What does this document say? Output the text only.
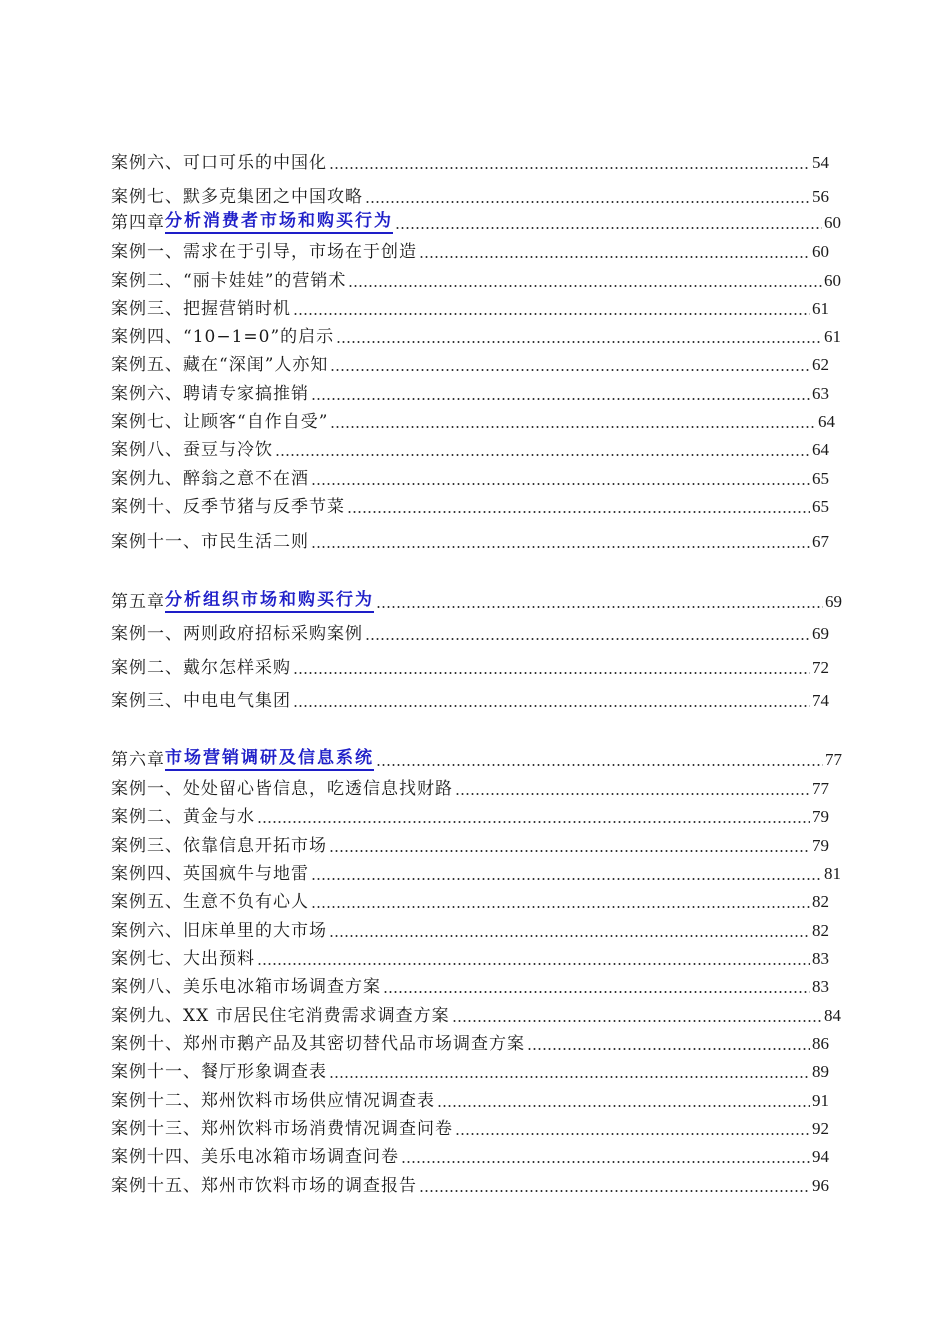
案例六、可口可乐的中国化	54
案例七、默多克集团之中国攻略	56
第四章 分析消费者市场和购买行为	60
案例一、需求在于引导，市场在于创造	60
案例二、“丽卡娃娃”的营销术	60
案例三、把握营销时机	61
案例四、“10−1=0”的启示	61
案例五、藏在“深闺”人亦知	62
案例六、聘请专家搞推销	63
案例七、让顾客“自作自受”	64
案例八、蚕豆与冷饮	64
案例九、醉翁之意不在酒	65
案例十、反季节猪与反季节菜	65
案例十一、市民生活二则	67
第五章 分析组织市场和购买行为	69
案例一、两则政府招标采购案例	69
案例二、戴尔怎样采购	72
案例三、中电电气集团	74
第六章 市场营销调研及信息系统	77
案例一、处处留心皆信息，吃透信息找财路	77
案例二、黄金与水	79
案例三、依靠信息开拓市场	79
案例四、英国疯牛与地雷	81
案例五、生意不负有心人	82
案例六、旧床单里的大市场	82
案例七、大出预料	83
案例八、美乐电冰箱市场调查方案	83
案例九、XX 市居民住宅消费需求调查方案	84
案例十、郑州市鹅产品及其密切替代品市场调查方案	86
案例十一、餐厅形象调查表	89
案例十二、郑州饮料市场供应情况调查表	91
案例十三、郑州饮料市场消费情况调查问卷	92
案例十四、美乐电冰箱市场调查问卷	94
案例十五、郑州市饮料市场的调查报告	96
